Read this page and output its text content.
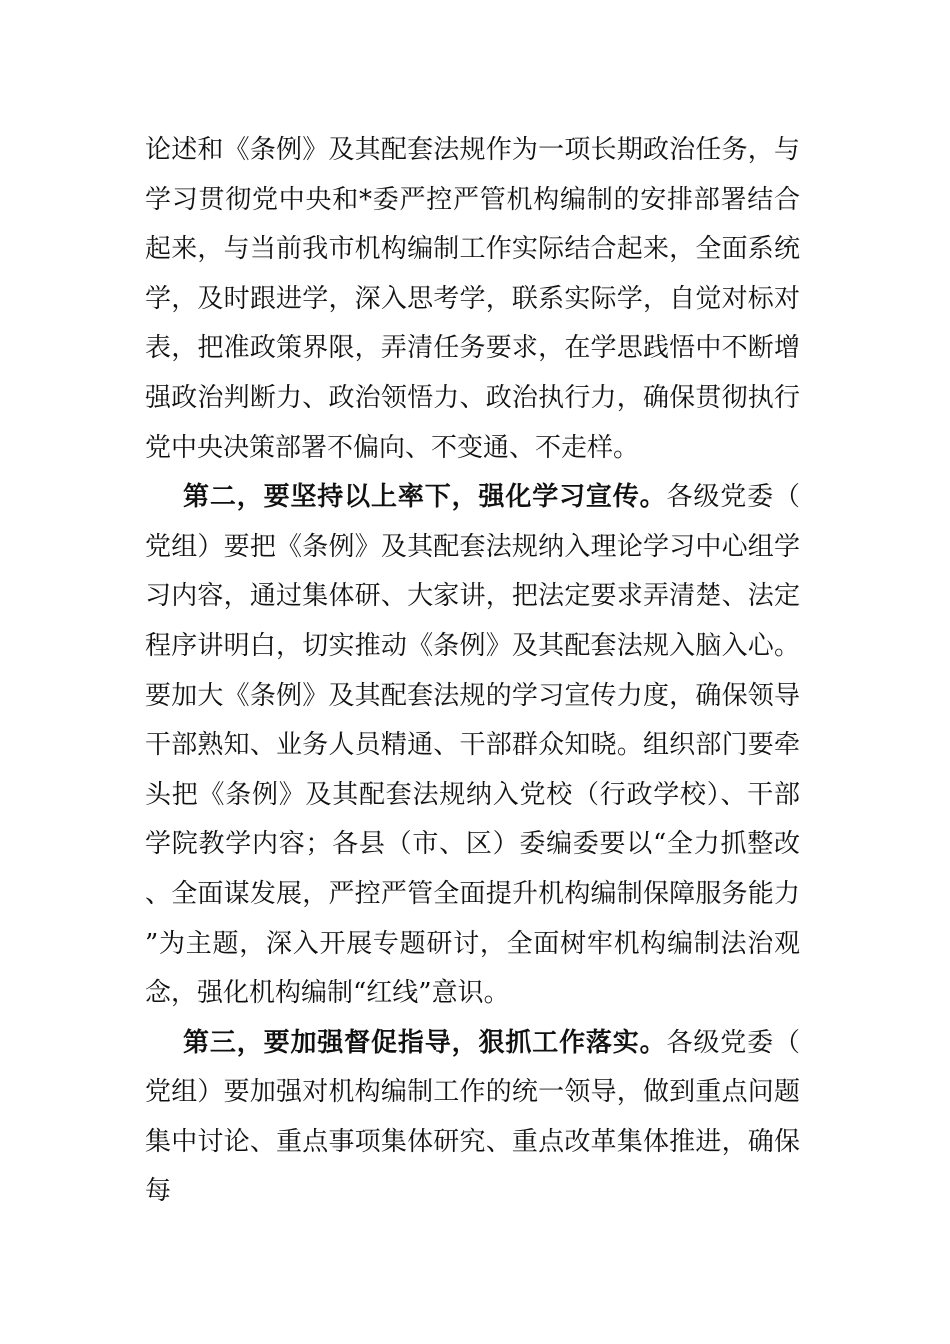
论述和《条例》及其配套法规作为一项长期政治任务，与学习贯彻党中央和*委严控严管机构编制的安排部署结合起来，与当前我市机构编制工作实际结合起来，全面系统学，及时跟进学，深入思考学，联系实际学，自觉对标对表，把准政策界限，弄清任务要求，在学思践悟中不断增强政治判断力、政治领悟力、政治执行力，确保贯彻执行党中央决策部署不偏向、不变通、不走样。

第二，要坚持以上率下，强化学习宣传。各级党委（党组）要把《条例》及其配套法规纳入理论学习中心组学习内容，通过集体研、大家讲，把法定要求弄清楚、法定程序讲明白，切实推动《条例》及其配套法规入脑入心。要加大《条例》及其配套法规的学习宣传力度，确保领导干部熟知、业务人员精通、干部群众知晓。组织部门要牵头把《条例》及其配套法规纳入党校（行政学校）、干部学院教学内容；各县（市、区）委编委要以“全力抓整改、全面谋发展，严控严管全面提升机构编制保障服务能力”为主题，深入开展专题研讨，全面树牢机构编制法治观念，强化机构编制“红线”意识。

第三，要加强督促指导，狠抓工作落实。各级党委（党组）要加强对机构编制工作的统一领导，做到重点问题集中讨论、重点事项集体研究、重点改革集体推进，确保每
